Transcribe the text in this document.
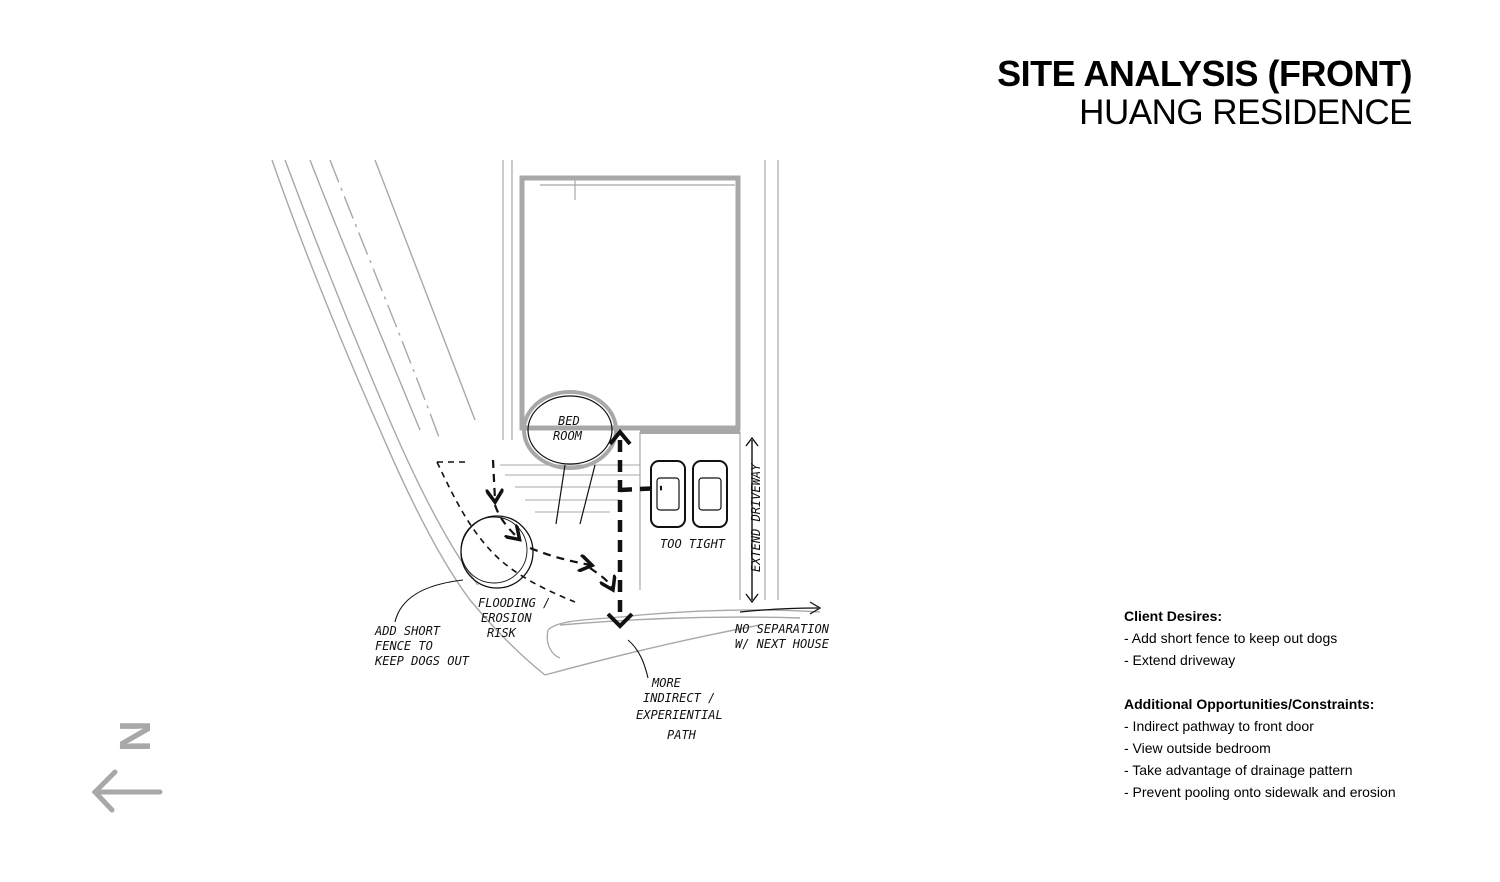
SITE ANALYSIS (FRONT)
HUANG RESIDENCE
BED
ROOM
TOO TIGHT EXTEND DRIVEWAY
FLOODING /
EROSION
RISK
ADD SHORT
FENCE TO
KEEP DOGS OUT
NO SEPARATION
W/ NEXT HOUSE
MORE
INDIRECT /
EXPERIENTIAL
PATH
N
Client Desires:
- Add short fence to keep out dogs
- Extend driveway
Additional Opportunities/Constraints:
- Indirect pathway to front door
- View outside bedroom
- Take advantage of drainage pattern
- Prevent pooling onto sidewalk and erosion
